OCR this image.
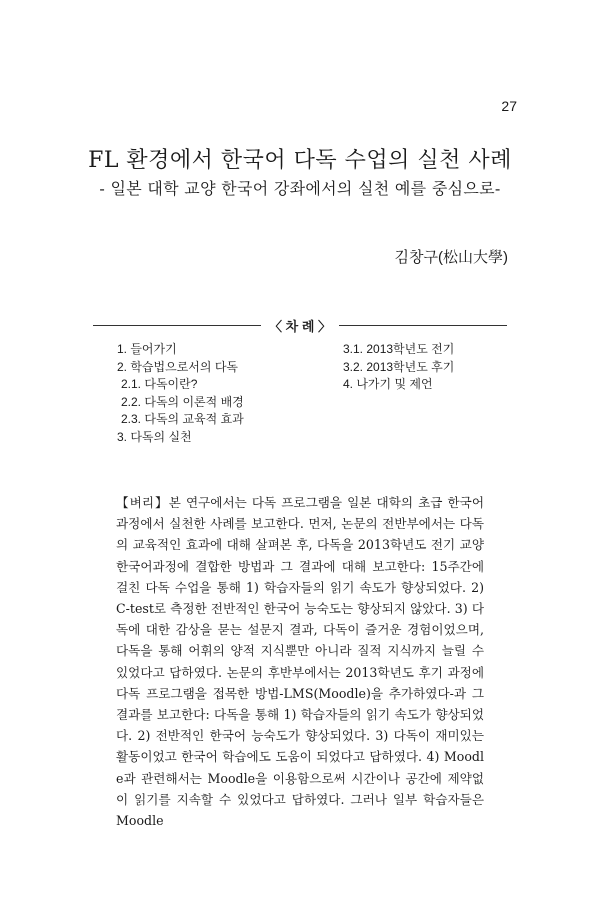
27
FL 환경에서 한국어 다독 수업의 실천 사례
- 일본 대학 교양 한국어 강좌에서의 실천 예를 중심으로-
김창구(松山大學)
〈 차 례 〉
1. 들어가기
2. 학습법으로서의 다독
2.1. 다독이란?
2.2. 다독의 이론적 배경
2.3. 다독의 교육적 효과
3. 다독의 실천
3.1. 2013학년도 전기
3.2. 2013학년도 후기
4. 나가기 및 제언
【벼리】본 연구에서는 다독 프로그램을 일본 대학의 초급 한국어 과정에서 실천한 사례를 보고한다. 먼저, 논문의 전반부에서는 다독의 교육적인 효과에 대해 살펴본 후, 다독을 2013학년도 전기 교양 한국어과정에 결합한 방법과 그 결과에 대해 보고한다: 15주간에 걸친 다독 수업을 통해 1) 학습자들의 읽기 속도가 향상되었다. 2) C-test로 측정한 전반적인 한국어 능숙도는 향상되지 않았다. 3) 다독에 대한 감상을 묻는 설문지 결과, 다독이 즐거운 경험이었으며, 다독을 통해 어휘의 양적 지식뿐만 아니라 질적 지식까지 늘릴 수 있었다고 답하였다. 논문의 후반부에서는 2013학년도 후기 과정에 다독 프로그램을 접목한 방법-LMS(Moodle)을 추가하였다-과 그 결과를 보고한다: 다독을 통해 1) 학습자들의 읽기 속도가 향상되었다. 2) 전반적인 한국어 능숙도가 향상되었다. 3) 다독이 재미있는 활동이었고 한국어 학습에도 도움이 되었다고 답하였다. 4) Moodle과 관련해서는 Moodle을 이용함으로써 시간이나 공간에 제약없이 읽기를 지속할 수 있었다고 답하였다. 그러나 일부 학습자들은 Moodle
